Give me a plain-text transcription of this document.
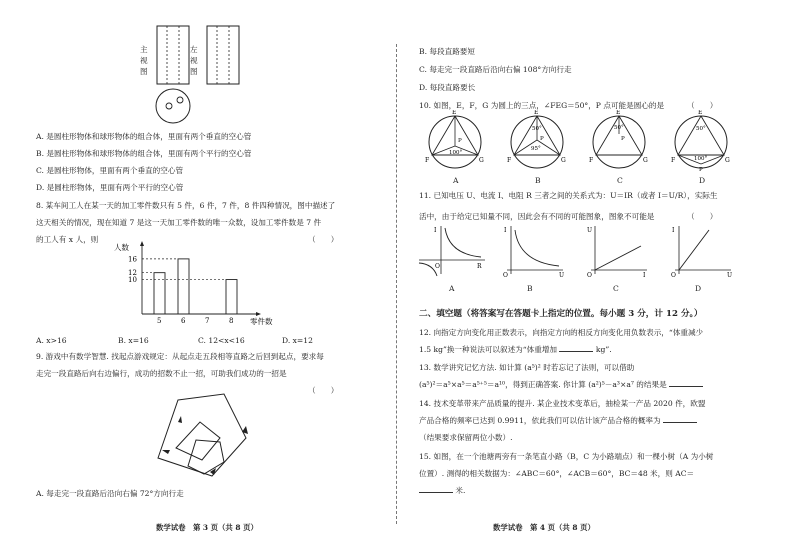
主
视
图
左
视
图
A. 是圆柱形物体和球形物体的组合体，里面有两个垂直的空心管
B. 是圆柱形物体和球形物体的组合体，里面有两个平行的空心管
C. 是圆柱形物体，里面有两个垂直的空心管
D. 是圆柱形物体，里面有两个平行的空心管
8. 某车间工人在某一天的加工零件数只有 5 件，6 件，7 件，8 件四种情况，图中描述了
这天相关的情况，现在知道 7 是这一天加工零件数的唯一众数，设加工零件数是 7 件
的工人有 x 人，则	（　　）
人数
零件数
5	6	7	8
10
12
16
A. x>16	B. x=16	C. 12<x<16	D. x=12
9. 游戏中有数学智慧. 找起点游戏规定：从起点走五段相等直路之后回到起点，要求每
走完一段直路后向右边偏行，成功的招数不止一招，可助我们成功的一招是
（　　）
A. 每走完一段直路后沿向右偏 72°方向行走
数学试卷　第 3 页（共 8 页）
B. 每段直路要短
C. 每走完一段直路后沿向右偏 108°方向行走
D. 每段直路要长
10. 如图，E，F，G 为圆上的三点，∠FEG＝50°，P 点可能是圆心的是	（　　）
E
F	G
P
100°
E
F	G
50°
P
95°
E
F	G
50°
P
E
F	G
50°
P
100°
A	B	C	D
11. 已知电压 U、电流 I、电阻 R 三者之间的关系式为：U＝IR（或者 I＝U/R），实际生
活中，由于给定已知量不同，因此会有不同的可能图象，图象不可能是	（　　）
I
R
O
I
U
O
U
I
O
I
U
O
A	B	C	D
二、填空题（将答案写在答题卡上指定的位置。每小题 3 分，计 12 分。）
12. 向指定方向变化用正数表示，向指定方向的相反方向变化用负数表示，“体重减少
1.5 kg”换一种说法可以叙述为“体重增加	kg”.
13. 数学讲究记忆方法. 如计算 (a⁵)² 时若忘记了法则，可以借助
(a⁵)²＝a⁵×a⁵＝a⁵⁺⁵＝a¹⁰，得到正确答案. 你计算 (a²)⁵－a³×a⁷ 的结果是
14. 技术变革带来产品质量的提升. 某企业技术变革后，抽检某一产品 2020 件，欧盟
产品合格的频率已达到 0.9911，依此我们可以估计该产品合格的概率为
（结果要求保留两位小数）.
15. 如图，在一个池塘两旁有一条笔直小路（B，C 为小路端点）和一棵小树（A 为小树
位置）. 测得的相关数据为：∠ABC＝60°，∠ACB＝60°，BC＝48 米，则 AC＝
米.
数学试卷　第 4 页（共 8 页）
